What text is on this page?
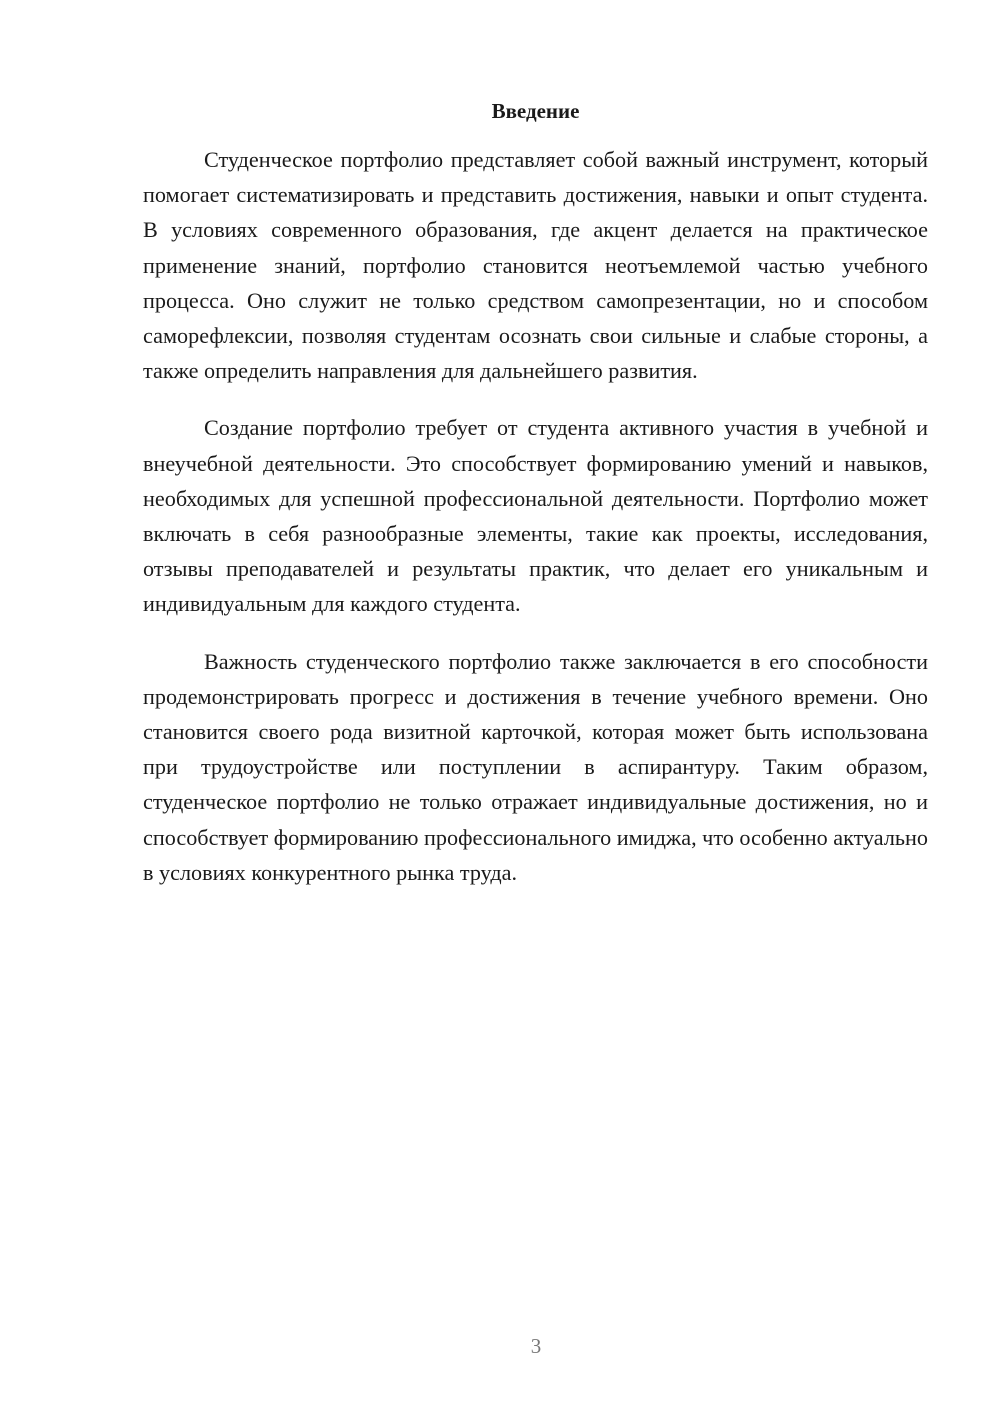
Введение

Студенческое портфолио представляет собой важный инструмент, который помогает систематизировать и представить достижения, навыки и опыт студента. В условиях современного образования, где акцент делается на практическое применение знаний, портфолио становится неотъемлемой частью учебного процесса. Оно служит не только средством самопрезентации, но и способом саморефлексии, позволяя студентам осознать свои сильные и слабые стороны, а также определить направления для дальнейшего развития.

Создание портфолио требует от студента активного участия в учебной и внеучебной деятельности. Это способствует формированию умений и навыков, необходимых для успешной профессиональной деятельности. Портфолио может включать в себя разнообразные элементы, такие как проекты, исследования, отзывы преподавателей и результаты практик, что делает его уникальным и индивидуальным для каждого студента.

Важность студенческого портфолио также заключается в его способности продемонстрировать прогресс и достижения в течение учебного времени. Оно становится своего рода визитной карточкой, которая может быть использована при трудоустройстве или поступлении в аспирантуру. Таким образом, студенческое портфолио не только отражает индивидуальные достижения, но и способствует формированию профессионального имиджа, что особенно актуально в условиях конкурентного рынка труда.

3
